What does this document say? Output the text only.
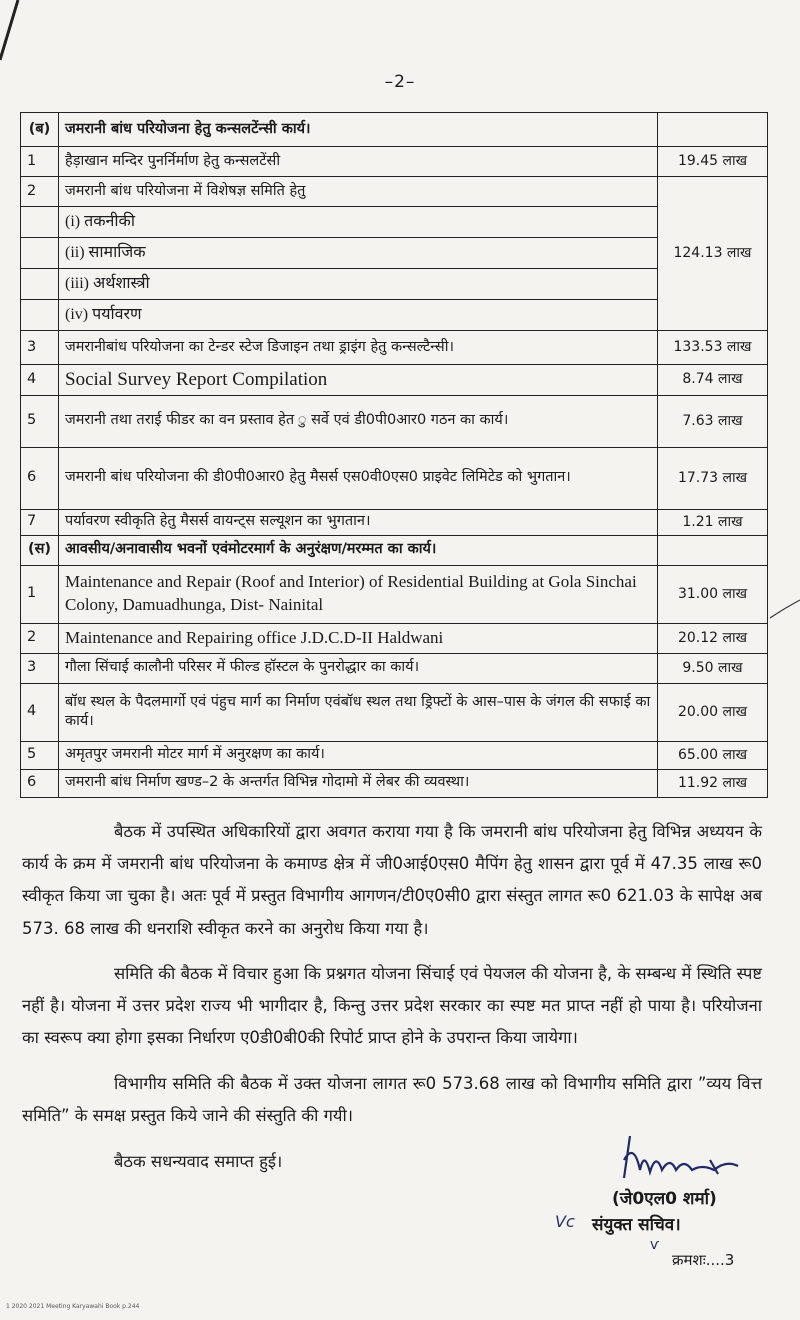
–2–
(ब)	जमरानी बांध परियोजना हेतु कन्सलटेंन्सी कार्य।	
1	हैड़ाखान मन्दिर पुनर्निर्माण हेतु कन्सलटेंसी	19.45 लाख
2	जमरानी बांध परियोजना में विशेषज्ञ समिति हेतु	124.13 लाख
	(i) तकनीकी	
	(ii) सामाजिक	
	(iii) अर्थशास्त्री	
	(iv) पर्यावरण	
3	जमरानीबांध परियोजना का टेन्डर स्टेज डिजाइन तथा ड्राइंग हेतु कन्सल्टैन्सी।	133.53 लाख
4	Social Survey Report Compilation	8.74 लाख
5	जमरानी तथा तराई फीडर का वन प्रस्ताव हेत ु सर्वे एवं डी0पी0आर0 गठन का कार्य।	7.63 लाख
6	जमरानी बांध परियोजना की डी0पी0आर0 हेतु मैसर्स एस0वी0एस0 प्राइवेट लिमिटेड को भुगतान।	17.73 लाख
7	पर्यावरण स्वीकृति हेतु मैसर्स वायन्ट्स सल्यूशन का भुगतान।	1.21 लाख
(स)	आवसीय/अनावासीय भवनों एवंमोटरमार्ग के अनुरंक्षण/मरम्मत का कार्य।	
1	Maintenance and Repair (Roof and Interior) of Residential Building at Gola Sinchai Colony, Damuadhunga, Dist- Nainital	31.00 लाख
2	Maintenance and Repairing office J.D.C.D-II Haldwani	20.12 लाख
3	गौला सिंचाई कालौनी परिसर में फील्ड हॉस्टल के पुनरोद्धार का कार्य।	9.50 लाख
4	बॉध स्थल के पैदलमार्गो एवं पंहुच मार्ग का निर्माण एवंबॉध स्थल तथा ड्रिफ्टों के आस–पास के जंगल की सफाई का कार्य।	20.00 लाख
5	अमृतपुर जमरानी मोटर मार्ग में अनुरक्षण का कार्य।	65.00 लाख
6	जमरानी बांध निर्माण खण्ड–2 के अन्तर्गत विभिन्न गोदामो में लेबर की व्यवस्था।	11.92 लाख
बैठक में उपस्थित अधिकारियों द्वारा अवगत कराया गया है कि जमरानी बांध परियोजना हेतु विभिन्न अध्ययन के कार्य के क्रम में जमरानी बांध परियोजना के कमाण्ड क्षेत्र में जी0आई0एस0 मैपिंग हेतु शासन द्वारा पूर्व में 47.35 लाख रू0 स्वीकृत किया जा चुका है। अतः पूर्व में प्रस्तुत विभागीय आगणन/टी0ए0सी0 द्वारा संस्तुत लागत रू0 621.03 के सापेक्ष अब 573. 68 लाख की धनराशि स्वीकृत करने का अनुरोध किया गया है।
समिति की बैठक में विचार हुआ कि प्रश्नगत योजना सिंचाई एवं पेयजल की योजना है, के सम्बन्ध में स्थिति स्पष्ट नहीं है। योजना में उत्तर प्रदेश राज्य भी भागीदार है, किन्तु उत्तर प्रदेश सरकार का स्पष्ट मत प्राप्त नहीं हो पाया है। परियोजना का स्वरूप क्या होगा इसका निर्धारण ए0डी0बी0की रिपोर्ट प्राप्त होने के उपरान्त किया जायेगा।
विभागीय समिति की बैठक में उक्त योजना लागत रू0 573.68 लाख को विभागीय समिति द्वारा ”व्यय वित्त समिति” के समक्ष प्रस्तुत किये जाने की संस्तुति की गयी।
बैठक सधन्यवाद समाप्त हुई।
(जे0एल0 शर्मा)
Vc संयुक्त सचिव।
ѵ
क्रमशः....3
1 2020 2021 Meeting Karyawahi Book p.244
